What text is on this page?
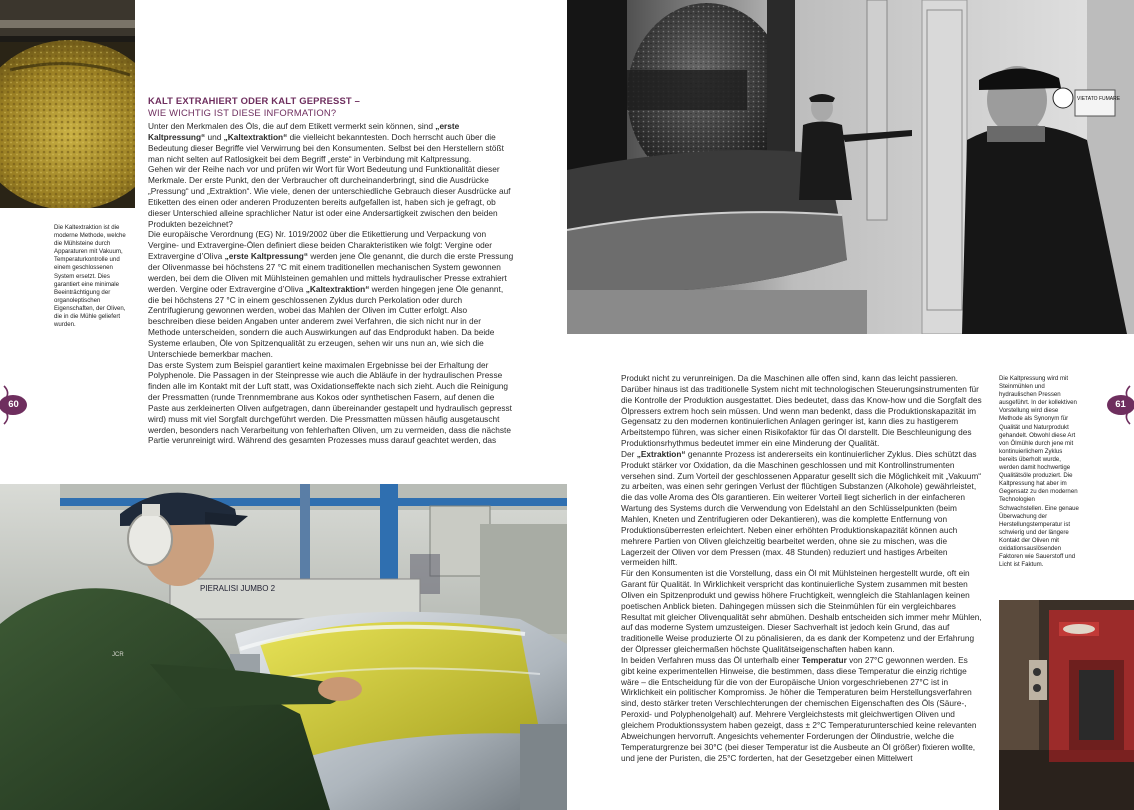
Die Kaltextraktion ist die moderne Methode, welche die Mühlsteine durch Apparaturen mit Vakuum, Temperaturkontrolle und einem geschlossenen System ersetzt. Dies garantiert eine minimale Beeinträchtigung der organoleptischen Eigenschaften, der Oliven, die in die Mühle geliefert wurden.
60
KALT EXTRAHIERT ODER KALT GEPRESST –
WIE WICHTIG IST DIESE INFORMATION?

Unter den Merkmalen des Öls, die auf dem Etikett vermerkt sein können, sind „erste Kaltpressung“ und „Kaltextraktion“ die vielleicht bekanntesten. Doch herrscht auch über die Bedeutung dieser Begriffe viel Verwirrung bei den Konsumenten. Selbst bei den Herstellern stößt man nicht selten auf Ratlosigkeit bei dem Begriff „erste“ in Verbindung mit Kaltpressung.

Gehen wir der Reihe nach vor und prüfen wir Wort für Wort Bedeutung und Funktionalität dieser Merkmale. Der erste Punkt, den der Verbraucher oft durcheinanderbringt, sind die Ausdrücke „Pressung“ und „Extraktion“. Wie viele, denen der unterschiedliche Gebrauch dieser Ausdrücke auf Etiketten des einen oder anderen Produzenten bereits aufgefallen ist, haben sich je gefragt, ob dieser Unterschied alleine sprachlicher Natur ist oder eine Andersartigkeit zwischen den beiden Produkten bezeichnet?

Die europäische Verordnung (EG) Nr. 1019/2002 über die Etikettierung und Verpackung von Vergine- und Extravergine-Ölen definiert diese beiden Charakteristiken wie folgt: Vergine oder Extravergine d’Oliva „erste Kaltpressung“ werden jene Öle genannt, die durch die erste Pressung der Olivenmasse bei höchstens 27 °C mit einem traditionellen mechanischen System gewonnen werden, bei dem die Oliven mit Mühlsteinen gemahlen und mittels hydraulischer Presse extrahiert werden. Vergine oder Extravergine d’Oliva „Kaltextraktion“ werden hingegen jene Öle genannt, die bei höchstens 27 °C in einem geschlossenen Zyklus durch Perkolation oder durch Zentrifugierung gewonnen werden, wobei das Mahlen der Oliven im Cutter erfolgt. Also beschreiben diese beiden Angaben unter anderem zwei Verfahren, die sich nicht nur in der Methode unterscheiden, sondern die auch Auswirkungen auf das Endprodukt haben. Da beide Systeme erlauben, Öle von Spitzenqualität zu erzeugen, sehen wir uns nun an, wie sich die Unterschiede bemerkbar machen.

Das erste System zum Beispiel garantiert keine maximalen Ergebnisse bei der Erhaltung der Polyphenole. Die Passagen in der Steinpresse wie auch die Abläufe in der hydraulischen Presse finden alle im Kontakt mit der Luft statt, was Oxidationseffekte nach sich zieht. Auch die Reinigung der Pressmatten (runde Trennmembrane aus Kokos oder synthetischen Fasern, auf denen die Paste aus zerkleinerten Oliven aufgetragen, dann übereinander gestapelt und hydraulisch gepresst wird) muss mit viel Sorgfalt durchgeführt werden. Die Pressmatten müssen häufig ausgetauscht werden, besonders nach Verarbeitung von fehlerhaften Oliven, um zu vermeiden, dass die nächste Partie verunreinigt wird. Während des gesamten Prozesses muss darauf geachtet werden, das

PIERALISI JUMBO 2
JCR
VIETATO FUMARE
Die Kaltpressung wird mit Steinmühlen und hydraulischen Pressen ausgeführt. In der kollektiven Vorstellung wird diese Methode als Synonym für Qualität und Naturprodukt gehandelt. Obwohl diese Art von Ölmühle durch jene mit kontinuierlichem Zyklus bereits überholt wurde, werden damit hochwertige Qualitätsöle produziert. Die Kaltpressung hat aber im Gegensatz zu den modernen Technologien Schwachstellen. Eine genaue Überwachung der Herstellungstemperatur ist schwierig und der längere Kontakt der Oliven mit oxidationsauslösenden Faktoren wie Sauerstoff und Licht ist Faktum.
61

Produkt nicht zu verunreinigen. Da die Maschinen alle offen sind, kann das leicht passieren. Darüber hinaus ist das traditionelle System nicht mit technologischen Steuerungsinstrumenten für die Kontrolle der Produktion ausgestattet. Dies bedeutet, dass das Know-how und die Sorgfalt des Ölpressers extrem hoch sein müssen. Und wenn man bedenkt, dass die Produktionskapazität im Gegensatz zu den modernen kontinuierlichen Anlagen geringer ist, kann dies zu hastigerem Arbeitstempo führen, was sicher einen Risikofaktor für das Öl darstellt. Die Beschleunigung des Produktionsrhythmus bedeutet immer ein eine Minderung der Qualität.

Der „Extraktion“ genannte Prozess ist andererseits ein kontinuierlicher Zyklus. Dies schützt das Produkt stärker vor Oxidation, da die Maschinen geschlossen und mit Kontrollinstrumenten versehen sind. Zum Vorteil der geschlossenen Apparatur gesellt sich die Möglichkeit mit „Vakuum“ zu arbeiten, was einen sehr geringen Verlust der flüchtigen Substanzen (Alkohole) gewährleistet, die das volle Aroma des Öls garantieren. Ein weiterer Vorteil liegt sicherlich in der einfacheren Wartung des Systems durch die Verwendung von Edelstahl an den Schlüsselpunkten (beim Mahlen, Kneten und Zentrifugieren oder Dekantieren), was die komplette Entfernung von Produktionsüberresten erleichtert. Neben einer erhöhten Produktionskapazität können auch mehrere Partien von Oliven gleichzeitig bearbeitet werden, ohne sie zu mischen, was die Lagerzeit der Oliven vor dem Pressen (max. 48 Stunden) reduziert und hastiges Arbeiten vermeiden hilft.

Für den Konsumenten ist die Vorstellung, dass ein Öl mit Mühlsteinen hergestellt wurde, oft ein Garant für Qualität. In Wirklichkeit verspricht das kontinuierliche System zusammen mit besten Oliven ein Spitzenprodukt und gewiss höhere Fruchtigkeit, wenngleich die Stahlanlagen keinen poetischen Anblick bieten. Dahingegen müssen sich die Steinmühlen für ein vergleichbares Resultat mit gleicher Olivenqualität sehr abmühen. Deshalb entscheiden sich immer mehr Mühlen, auf das moderne System umzusteigen. Dieser Sachverhalt ist jedoch kein Grund, das auf traditionelle Weise produzierte Öl zu pönalisieren, da es dank der Kompetenz und der Erfahrung der Ölpresser gleichermaßen höchste Qualitätseigenschaften haben kann.

In beiden Verfahren muss das Öl unterhalb einer Temperatur von 27°C gewonnen werden. Es gibt keine experimentellen Hinweise, die bestimmen, dass diese Temperatur die einzig richtige wäre – die Entscheidung für die von der Europäische Union vorgeschriebenen 27°C ist in Wirklichkeit ein politischer Kompromiss. Je höher die Temperaturen beim Herstellungsverfahren sind, desto stärker treten Verschlechterungen der chemischen Eigenschaften des Öls (Säure-, Peroxid- und Polyphenolgehalt) auf. Mehrere Vergleichstests mit gleichwertigen Oliven und gleichem Produktionssystem haben gezeigt, dass ± 2°C Temperaturunterschied keine relevanten Abweichungen hervorruft. Angesichts vehementer Forderungen der Ölindustrie, welche die Temperaturgrenze bei 30°C (bei dieser Temperatur ist die Ausbeute an Öl größer) fixieren wollte, und jene der Puristen, die 25°C forderten, hat der Gesetzgeber einen Mittelwert
